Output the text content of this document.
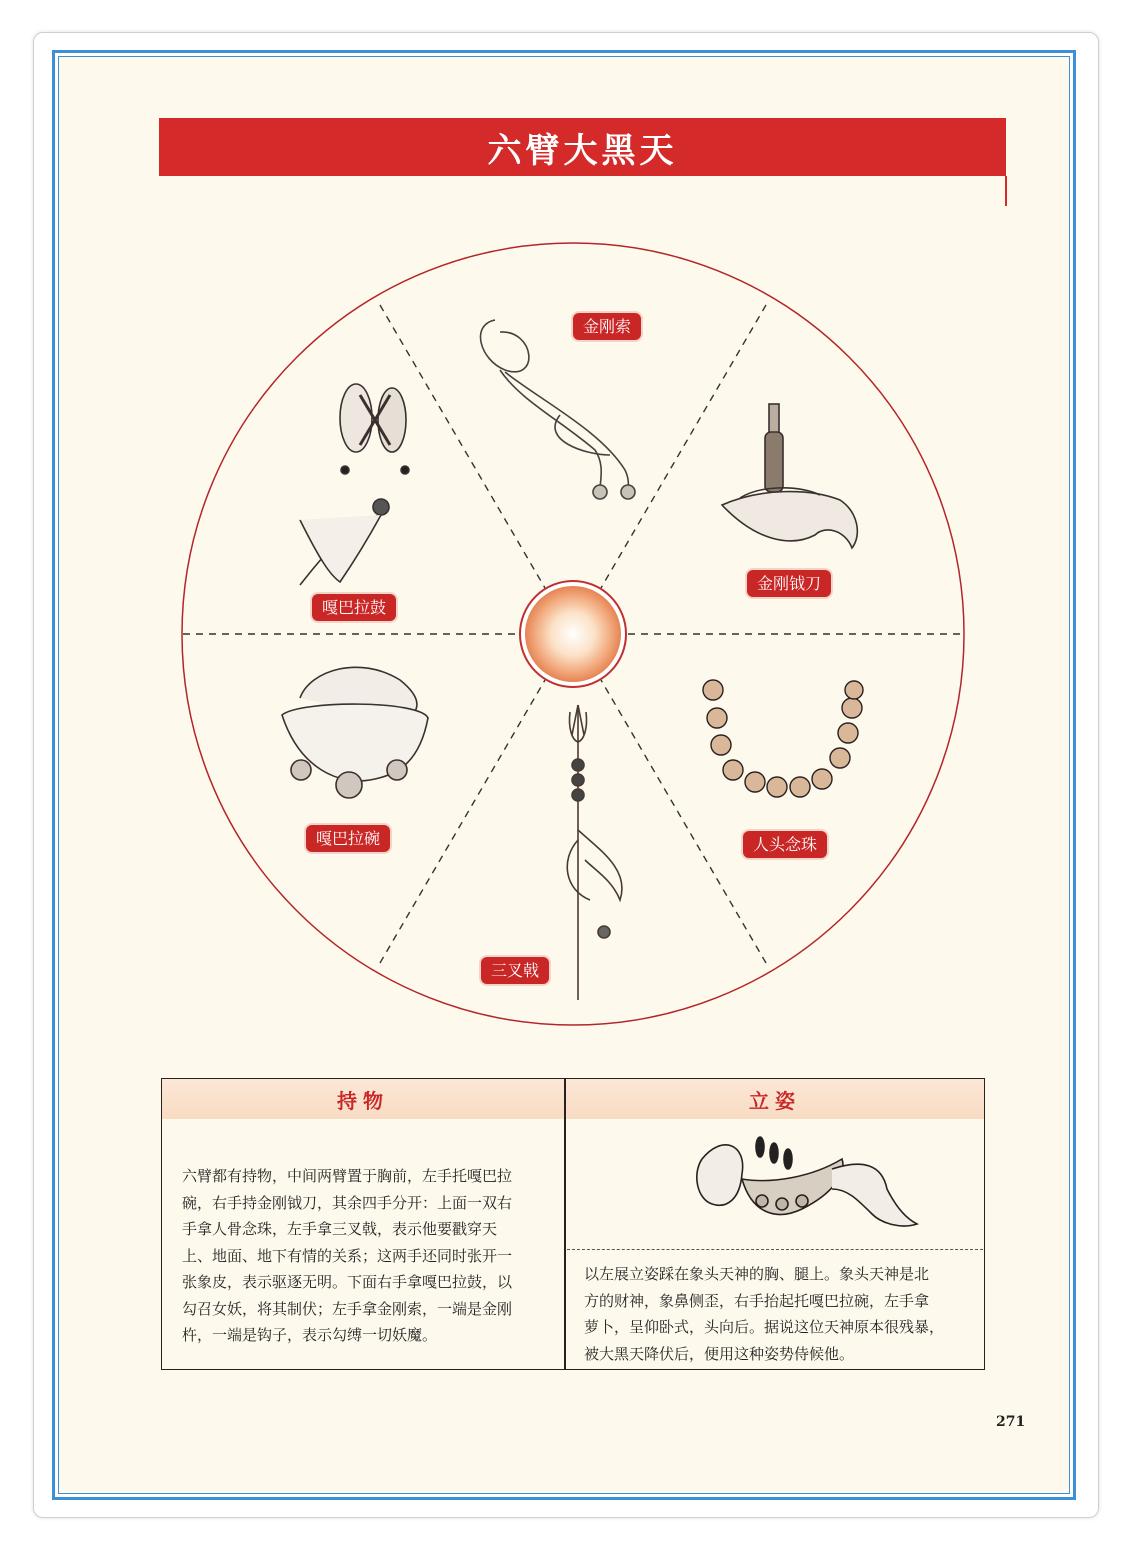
六臂大黑天
金刚索
金刚钺刀
人头念珠
三叉戟
嘎巴拉碗
嘎巴拉鼓
持物	立姿
六臂都有持物，中间两臂置于胸前，左手托嘎巴拉
碗，右手持金刚钺刀，其余四手分开：上面一双右
手拿人骨念珠，左手拿三叉戟，表示他要戳穿天
上、地面、地下有情的关系；这两手还同时张开一
张象皮，表示驱逐无明。下面右手拿嘎巴拉鼓，以
勾召女妖，将其制伏；左手拿金刚索，一端是金刚
杵，一端是钩子，表示勾缚一切妖魔。
以左展立姿踩在象头天神的胸、腿上。象头天神是北
方的财神，象鼻侧歪，右手抬起托嘎巴拉碗，左手拿
萝卜，呈仰卧式，头向后。据说这位天神原本很残暴，
被大黑天降伏后，便用这种姿势侍候他。
271
